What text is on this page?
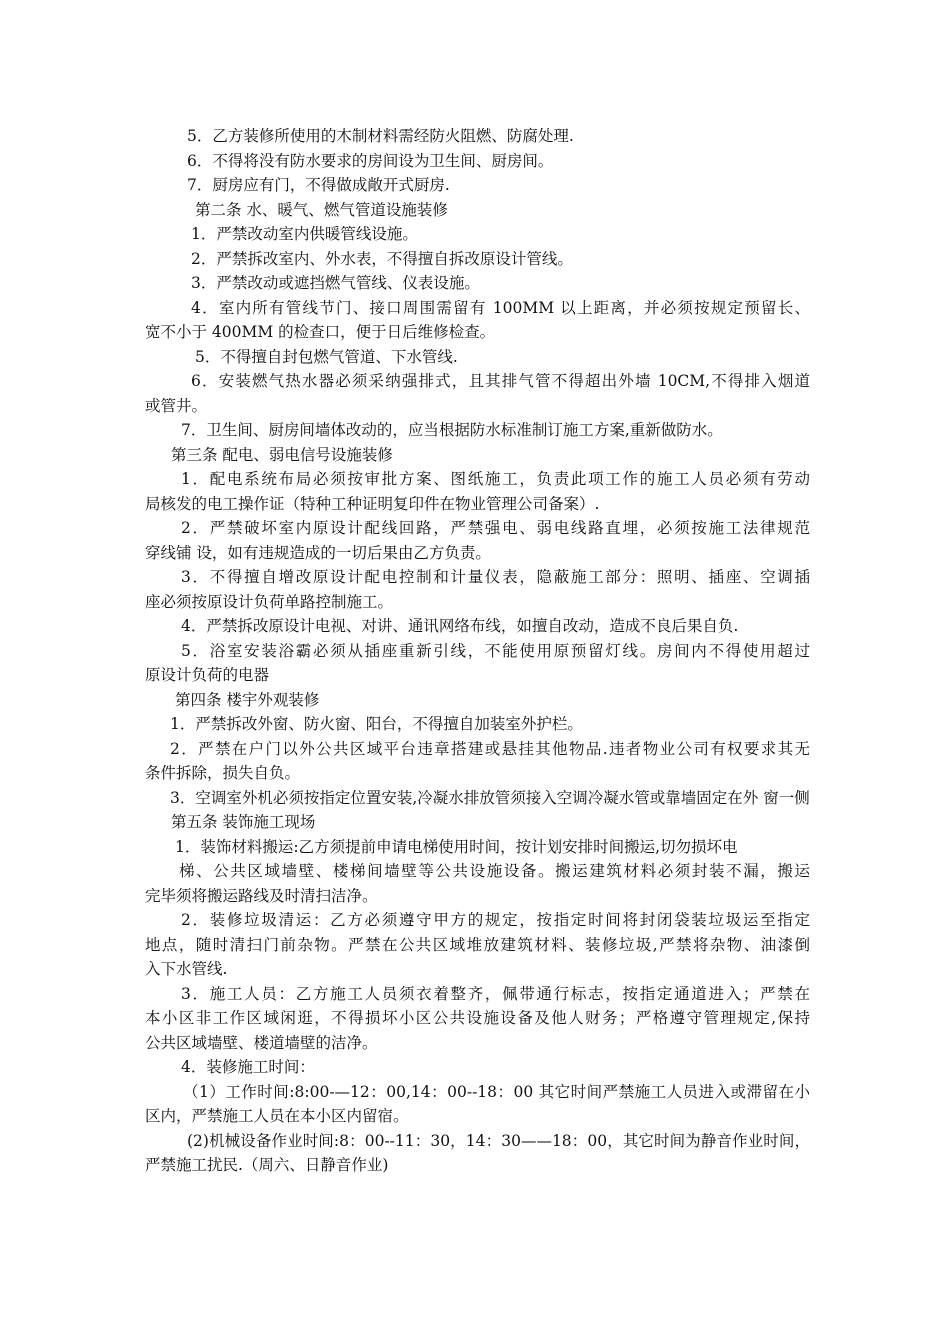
5．乙方装修所使用的木制材料需经防火阻燃、防腐处理.

6．不得将没有防水要求的房间设为卫生间、厨房间。

7．厨房应有门，不得做成敞开式厨房.

第二条 水、暖气、燃气管道设施装修

1．严禁改动室内供暖管线设施。

2．严禁拆改室内、外水表，不得擅自拆改原设计管线。

3．严禁改动或遮挡燃气管线、仪表设施。

4．室内所有管线节门、接口周围需留有 100MM 以上距离，并必须按规定预留长、 宽不小于 400MM 的检查口，便于日后维修检查。

5．不得擅自封包燃气管道、下水管线.

6．安装燃气热水器必须采纳强排式，且其排气管不得超出外墙 10CM,不得排入烟道 或管井。

7．卫生间、厨房间墙体改动的，应当根据防水标准制订施工方案,重新做防水。

第三条 配电、弱电信号设施装修

1．配电系统布局必须按审批方案、图纸施工，负责此项工作的施工人员必须有劳动 局核发的电工操作证（特种工种证明复印件在物业管理公司备案）.

2．严禁破坏室内原设计配线回路，严禁强电、弱电线路直埋，必须按施工法律规范 穿线铺 设，如有违规造成的一切后果由乙方负责。

3．不得擅自增改原设计配电控制和计量仪表，隐蔽施工部分：照明、插座、空调插 座必须按原设计负荷单路控制施工。

4．严禁拆改原设计电视、对讲、通讯网络布线，如擅自改动，造成不良后果自负.

5．浴室安装浴霸必须从插座重新引线，不能使用原预留灯线。房间内不得使用超过 原设计负荷的电器

第四条 楼宇外观装修

1．严禁拆改外窗、防火窗、阳台，不得擅自加装室外护栏。

2．严禁在户门以外公共区域平台违章搭建或悬挂其他物品.违者物业公司有权要求其无 条件拆除，损失自负。

3．空调室外机必须按指定位置安装,冷凝水排放管须接入空调冷凝水管或靠墙固定在外 窗一侧

第五条 装饰施工现场

1．装饰材料搬运:乙方须提前申请电梯使用时间，按计划安排时间搬运,切勿损坏电

梯、公共区域墙壁、楼梯间墙壁等公共设施设备。搬运建筑材料必须封装不漏，搬运 完毕须将搬运路线及时清扫洁净。

2．装修垃圾清运：乙方必须遵守甲方的规定，按指定时间将封闭袋装垃圾运至指定 地点，随时清扫门前杂物。严禁在公共区域堆放建筑材料、装修垃圾,严禁将杂物、油漆倒 入下水管线.

3．施工人员：乙方施工人员须衣着整齐，佩带通行标志，按指定通道进入；严禁在 本小区非工作区域闲逛，不得损坏小区公共设施设备及他人财务；严格遵守管理规定,保持 公共区域墙壁、楼道墙壁的洁净。

4．装修施工时间：

（1）工作时间:8:00-—12：00,14：00--18：00 其它时间严禁施工人员进入或滞留在小 区内，严禁施工人员在本小区内留宿。

(2)机械设备作业时间:8：00--11：30，14：30——18：00，其它时间为静音作业时间， 严禁施工扰民.（周六、日静音作业)
